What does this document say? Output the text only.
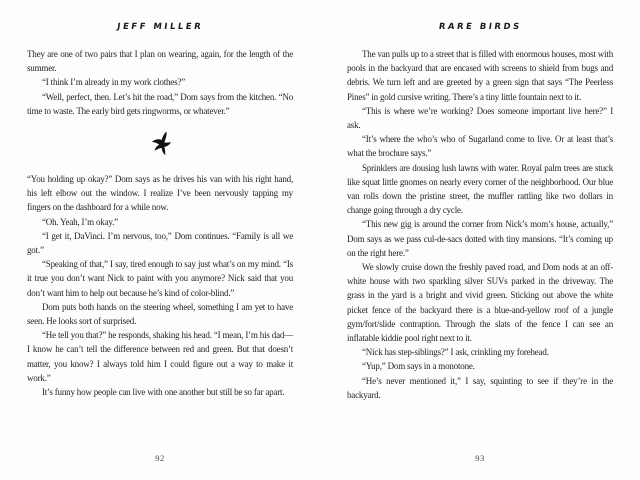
JEFF MILLER

They are one of two pairs that I plan on wearing, again, for the length of the summer.

“I think I’m already in my work clothes?”

“Well, perfect, then. Let’s hit the road,” Dom says from the kitchen. “No time to waste. The early bird gets ringworms, or whatever.”

“You holding up okay?” Dom says as he drives his van with his right hand, his left elbow out the window. I realize I’ve been nervously tapping my fingers on the dashboard for a while now.

“Oh. Yeah, I’m okay.”

“I get it, DaVinci. I’m nervous, too,” Dom continues. “Family is all we got.”

“Speaking of that,” I say, tired enough to say just what’s on my mind. “Is it true you don’t want Nick to paint with you anymore? Nick said that you don’t want him to help out because he’s kind of color-blind.”

Dom puts both hands on the steering wheel, something I am yet to have seen. He looks sort of surprised.

“He tell you that?” he responds, shaking his head. “I mean, I’m his dad—I know he can’t tell the difference between red and green. But that doesn’t matter, you know? I always told him I could figure out a way to make it work.”

It’s funny how people can live with one another but still be so far apart.

92
RARE BIRDS

The van pulls up to a street that is filled with enormous houses, most with pools in the backyard that are encased with screens to shield from bugs and debris. We turn left and are greeted by a green sign that says “The Peerless Pines” in gold cursive writing. There’s a tiny little fountain next to it.

“This is where we’re working? Does someone important live here?” I ask.

“It’s where the who’s who of Sugarland come to live. Or at least that’s what the brochure says.”

Sprinklers are dousing lush lawns with water. Royal palm trees are stuck like squat little gnomes on nearly every corner of the neighborhood. Our blue van rolls down the pristine street, the muffler rattling like two dollars in change going through a dry cycle.

“This new gig is around the corner from Nick’s mom’s house, actually,” Dom says as we pass cul-de-sacs dotted with tiny mansions. “It’s coming up on the right here.”

We slowly cruise down the freshly paved road, and Dom nods at an off-white house with two sparkling silver SUVs parked in the driveway. The grass in the yard is a bright and vivid green. Sticking out above the white picket fence of the backyard there is a blue-and-yellow roof of a jungle gym/fort/slide contraption. Through the slats of the fence I can see an inflatable kiddie pool right next to it.

“Nick has step-siblings?” I ask, crinkling my forehead.

“Yup,” Dom says in a monotone.

“He’s never mentioned it,” I say, squinting to see if they’re in the backyard.

93
